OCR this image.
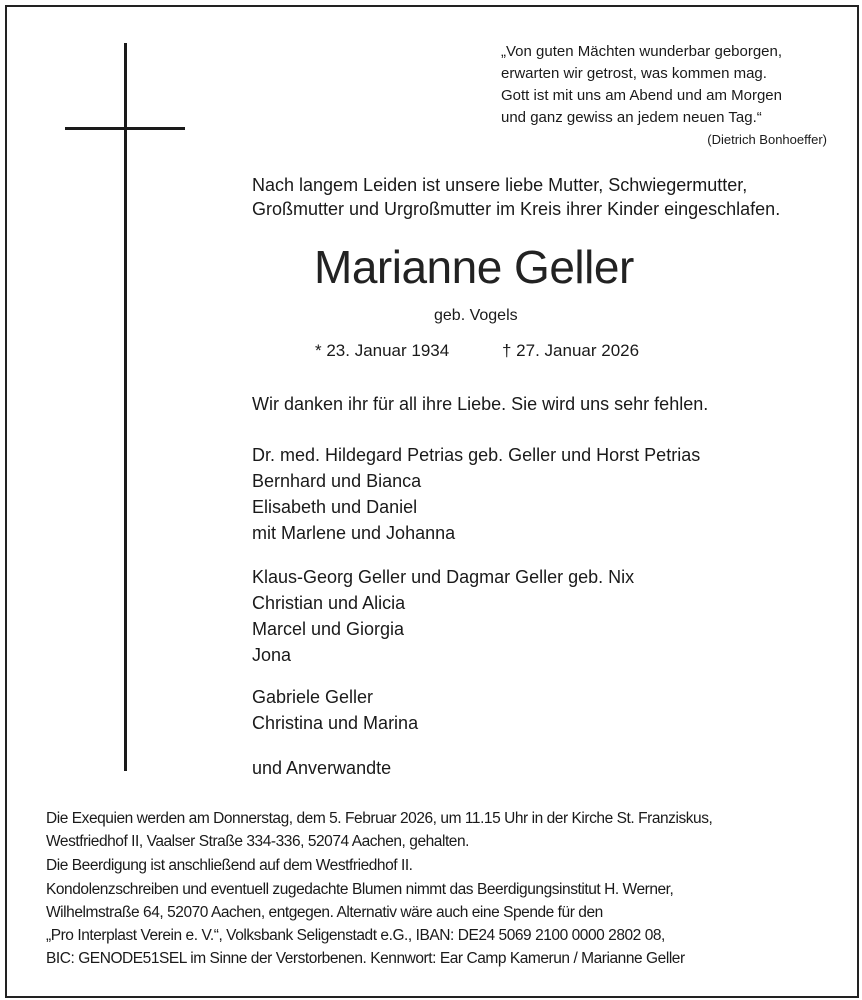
„Von guten Mächten wunderbar geborgen,
erwarten wir getrost, was kommen mag.
Gott ist mit uns am Abend und am Morgen
und ganz gewiss an jedem neuen Tag.“
(Dietrich Bonhoeffer)
Nach langem Leiden ist unsere liebe Mutter, Schwiegermutter,
Großmutter und Urgroßmutter im Kreis ihrer Kinder eingeschlafen.
Marianne Geller
geb. Vogels
* 23. Januar 1934	† 27. Januar 2026
Wir danken ihr für all ihre Liebe. Sie wird uns sehr fehlen.
Dr. med. Hildegard Petrias geb. Geller und Horst Petrias
Bernhard und Bianca
Elisabeth und Daniel
mit Marlene und Johanna
Klaus-Georg Geller und Dagmar Geller geb. Nix
Christian und Alicia
Marcel und Giorgia
Jona
Gabriele Geller
Christina und Marina
und Anverwandte
Die Exequien werden am Donnerstag, dem 5. Februar 2026, um 11.15 Uhr in der Kirche St. Franziskus,
Westfriedhof II, Vaalser Straße 334-336, 52074 Aachen, gehalten.
Die Beerdigung ist anschließend auf dem Westfriedhof II.
Kondolenzschreiben und eventuell zugedachte Blumen nimmt das Beerdigungsinstitut H. Werner,
Wilhelmstraße 64, 52070 Aachen, entgegen. Alternativ wäre auch eine Spende für den
„Pro Interplast Verein e. V.“, Volksbank Seligenstadt e.G., IBAN: DE24 5069 2100 0000 2802 08,
BIC: GENODE51SEL im Sinne der Verstorbenen. Kennwort: Ear Camp Kamerun / Marianne Geller
